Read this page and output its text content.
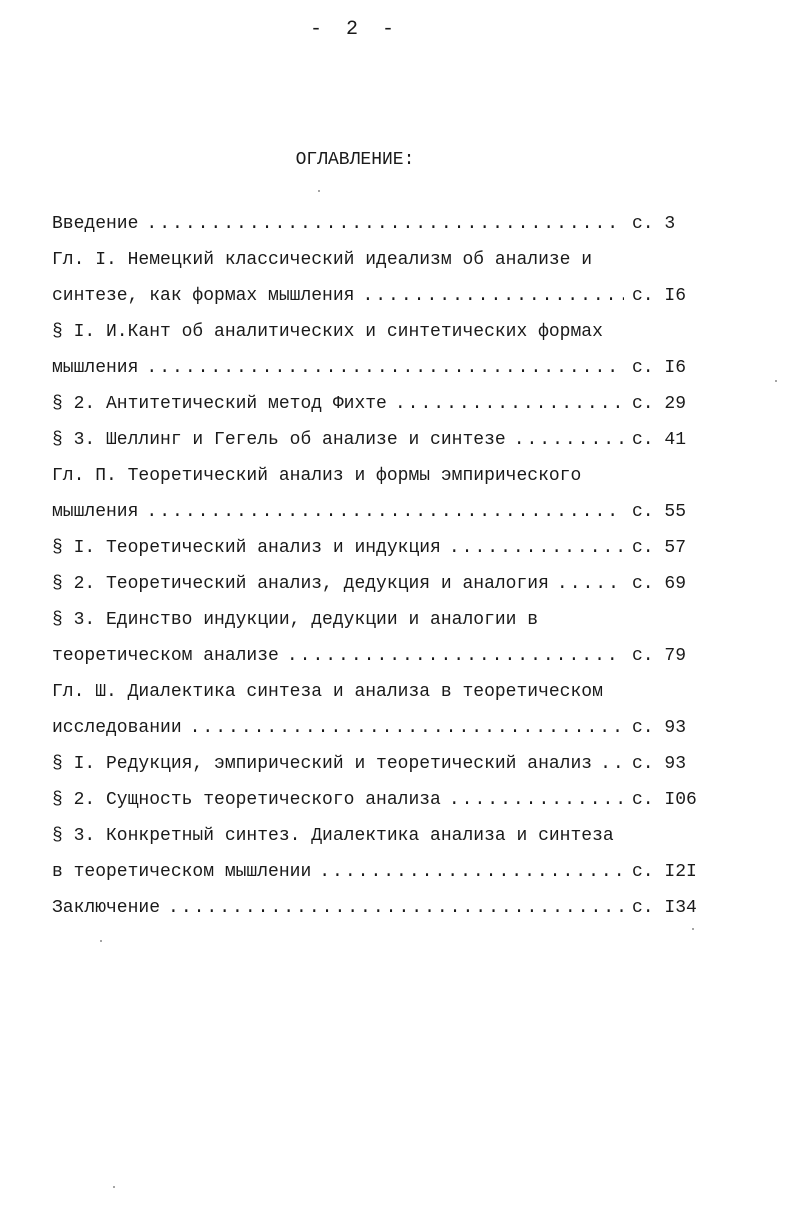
- 2 -
ОГЛАВЛЕНИЕ:
Введение .....	с. 3
Гл. I. Немецкий классический идеализм об анализе и
синтезе, как формах мышления .....	с. I6
§ I. И.Кант об аналитических и синтетических формах
мышления .....	с. I6
§ 2. Антитетический метод Фихте .....	с. 29
§ 3. Шеллинг и Гегель об анализе и синтезе .....	с. 41
Гл. П. Теоретический анализ и формы эмпирического
мышления .....	с. 55
§ I. Теоретический анализ и индукция .....	с. 57
§ 2. Теоретический анализ, дедукция и аналогия .....	с. 69
§ 3. Единство индукции, дедукции и аналогии в
теоретическом анализе .....	с. 79
Гл. Ш. Диалектика синтеза и анализа в теоретическом
исследовании .....	с. 93
§ I. Редукция, эмпирический и теоретический анализ ..... с. 93
§ 2. Сущность теоретического анализа .....	с. I06
§ 3. Конкретный синтез. Диалектика анализа и синтеза
в теоретическом мышлении .....	с. I2I
Заключение .....	с. I34
